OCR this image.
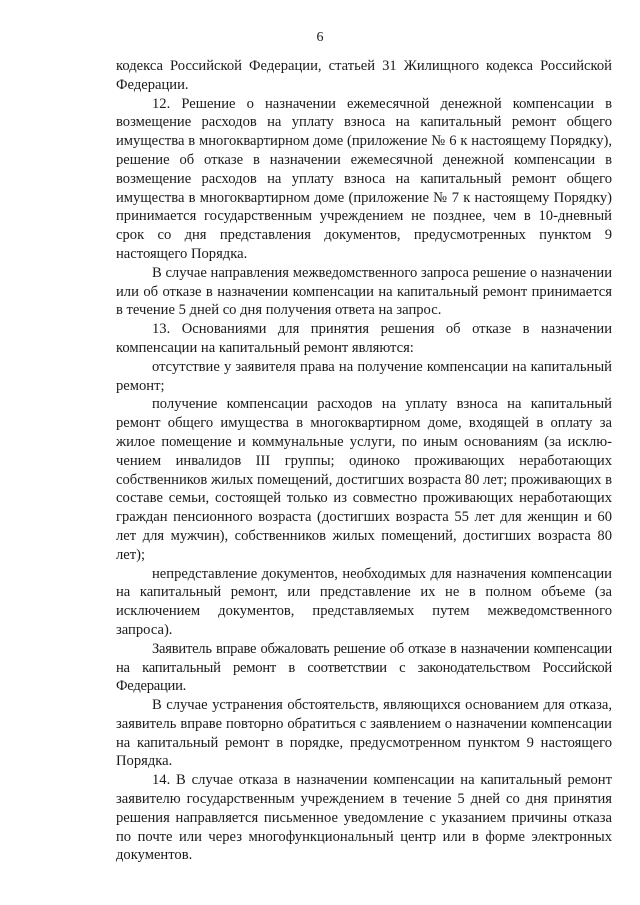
6

кодекса Российской Федерации, статьей 31 Жилищного кодекса Российской Федерации.

12. Решение о назначении ежемесячной денежной компенсации в возмещение расходов на уплату взноса на капитальный ремонт общего имущества в многоквартирном доме (приложение № 6 к настоящему Порядку), решение об отказе в назначении ежемесячной денежной компенсации в возмещение расходов на уплату взноса на капитальный ремонт общего имущества в многоквартирном доме (приложение № 7 к настоящему Порядку) принимается государственным учреждением не позднее, чем в 10-дневный срок со дня представления документов, предусмотренных пунктом 9 настоящего Порядка.

В случае направления межведомственного запроса решение о назначении или об отказе в назначении компенсации на капитальный ремонт принимается в течение 5 дней со дня получения ответа на запрос.

13. Основаниями для принятия решения об отказе в назначении компенсации на капитальный ремонт являются:

отсутствие у заявителя права на получение компенсации на капитальный ремонт;

получение компенсации расходов на уплату взноса на капитальный ремонт общего имущества в многоквартирном доме, входящей в оплату за жилое помещение и коммунальные услуги, по иным основаниям (за исклю-чением инвалидов III группы; одиноко проживающих неработающих собственников жилых помещений, достигших возраста 80 лет; проживающих в составе семьи, состоящей только из совместно проживающих неработающих граждан пенсионного возраста (достигших возраста 55 лет для женщин и 60 лет для мужчин), собственников жилых помещений, достигших возраста 80 лет);

непредставление документов, необходимых для назначения компенсации на капитальный ремонт, или представление их не в полном объеме (за исключением документов, представляемых путем межведомственного запроса).

Заявитель вправе обжаловать решение об отказе в назначении компенсации на капитальный ремонт в соответствии с законодательством Российской Федерации.

В случае устранения обстоятельств, являющихся основанием для отказа, заявитель вправе повторно обратиться с заявлением о назначении компенсации на капитальный ремонт в порядке, предусмотренном пунктом 9 настоящего Порядка.

14. В случае отказа в назначении компенсации на капитальный ремонт заявителю государственным учреждением в течение 5 дней со дня принятия решения направляется письменное уведомление с указанием причины отказа по почте или через многофункциональный центр или в форме электронных документов.
